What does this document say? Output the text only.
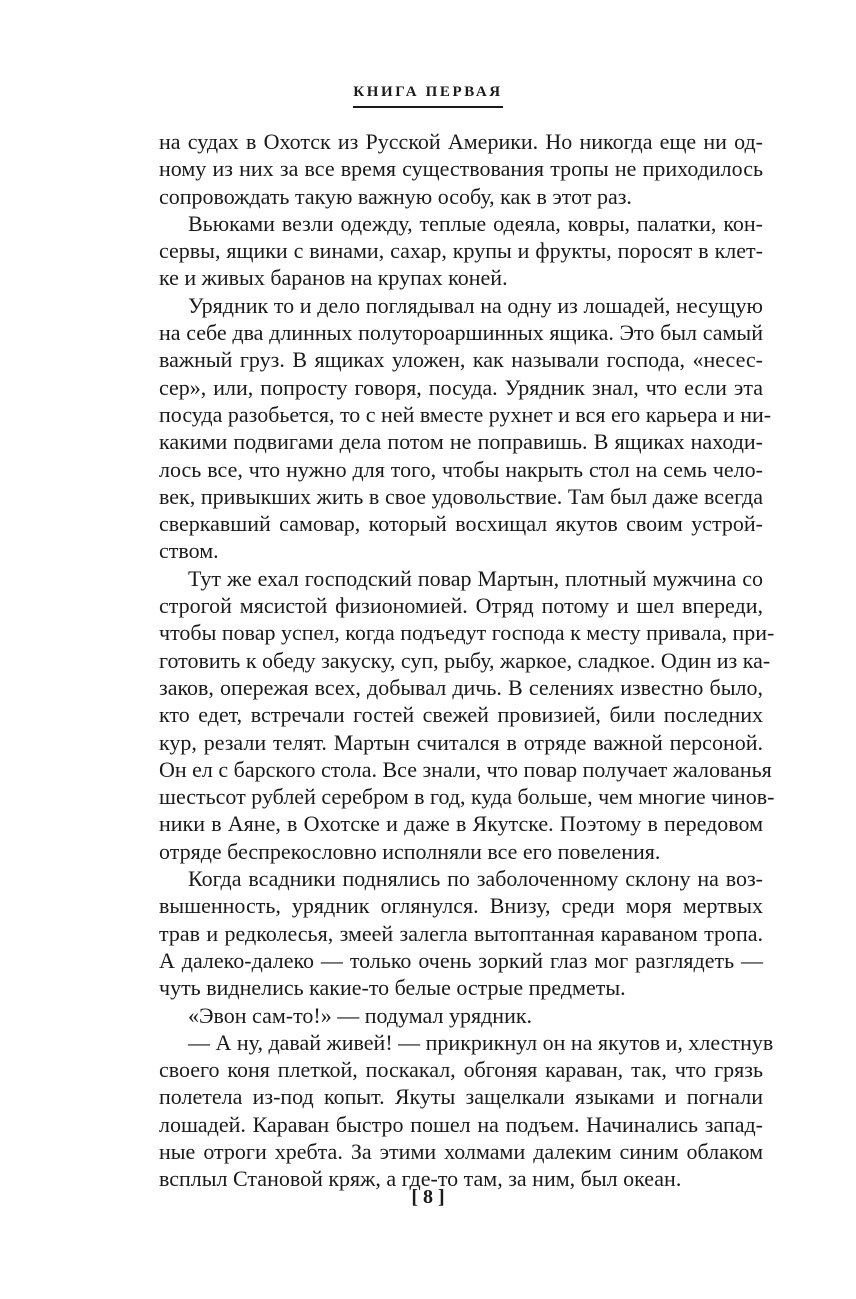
КНИГА ПЕРВАЯ
на судах в Охотск из Русской Америки. Но никогда еще ни од-
ному из них за все время существования тропы не приходилось
сопровождать такую важную особу, как в этот раз.
Вьюками везли одежду, теплые одеяла, ковры, палатки, кон-
сервы, ящики с винами, сахар, крупы и фрукты, поросят в клет-
ке и живых баранов на крупах коней.
Урядник то и дело поглядывал на одну из лошадей, несущую
на себе два длинных полутороаршинных ящика. Это был самый
важный груз. В ящиках уложен, как называли господа, «несес-
сер», или, попросту говоря, посуда. Урядник знал, что если эта
посуда разобьется, то с ней вместе рухнет и вся его карьера и ни-
какими подвигами дела потом не поправишь. В ящиках находи-
лось все, что нужно для того, чтобы накрыть стол на семь чело-
век, привыкших жить в свое удовольствие. Там был даже всегда
сверкавший самовар, который восхищал якутов своим устрой-
ством.
Тут же ехал господский повар Мартын, плотный мужчина со
строгой мясистой физиономией. Отряд потому и шел впереди,
чтобы повар успел, когда подъедут господа к месту привала, при-
готовить к обеду закуску, суп, рыбу, жаркое, сладкое. Один из ка-
заков, опережая всех, добывал дичь. В селениях известно было,
кто едет, встречали гостей свежей провизией, били последних
кур, резали телят. Мартын считался в отряде важной персоной.
Он ел с барского стола. Все знали, что повар получает жалованья
шестьсот рублей серебром в год, куда больше, чем многие чинов-
ники в Аяне, в Охотске и даже в Якутске. Поэтому в передовом
отряде беспрекословно исполняли все его повеления.
Когда всадники поднялись по заболоченному склону на воз-
вышенность, урядник оглянулся. Внизу, среди моря мертвых
трав и редколесья, змеей залегла вытоптанная караваном тропа.
А далеко-далеко — только очень зоркий глаз мог разглядеть —
чуть виднелись какие-то белые острые предметы.
«Эвон сам-то!» — подумал урядник.
— А ну, давай живей! — прикрикнул он на якутов и, хлестнув
своего коня плеткой, поскакал, обгоняя караван, так, что грязь
полетела из-под копыт. Якуты защелкали языками и погнали
лошадей. Караван быстро пошел на подъем. Начинались запад-
ные отроги хребта. За этими холмами далеким синим облаком
всплыл Становой кряж, а где-то там, за ним, был океан.
[ 8 ]
